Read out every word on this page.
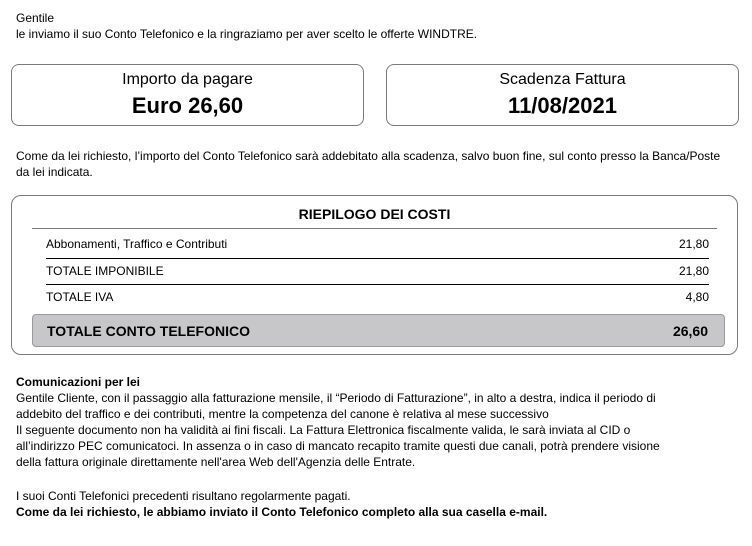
Gentile
le inviamo il suo Conto Telefonico e la ringraziamo per aver scelto le offerte WINDTRE.
Importo da pagare
Euro 26,60
Scadenza Fattura
11/08/2021
Come da lei richiesto, l’importo del Conto Telefonico sarà addebitato alla scadenza, salvo buon fine, sul conto presso la Banca/Poste da lei indicata.
RIEPILOGO DEI COSTI
Abbonamenti, Traffico e Contributi	21,80
TOTALE IMPONIBILE	21,80
TOTALE IVA	4,80
TOTALE CONTO TELEFONICO	26,60
Comunicazioni per lei
Gentile Cliente, con il passaggio alla fatturazione mensile, il “Periodo di Fatturazione”, in alto a destra, indica il periodo di
addebito del traffico e dei contributi, mentre la competenza del canone è relativa al mese successivo
Il seguente documento non ha validità ai fini fiscali. La Fattura Elettronica fiscalmente valida, le sarà inviata al CID o
all’indirizzo PEC comunicatoci. In assenza o in caso di mancato recapito tramite questi due canali, potrà prendere visione
della fattura originale direttamente nell'area Web dell'Agenzia delle Entrate.
I suoi Conti Telefonici precedenti risultano regolarmente pagati.
Come da lei richiesto, le abbiamo inviato il Conto Telefonico completo alla sua casella e-mail.
